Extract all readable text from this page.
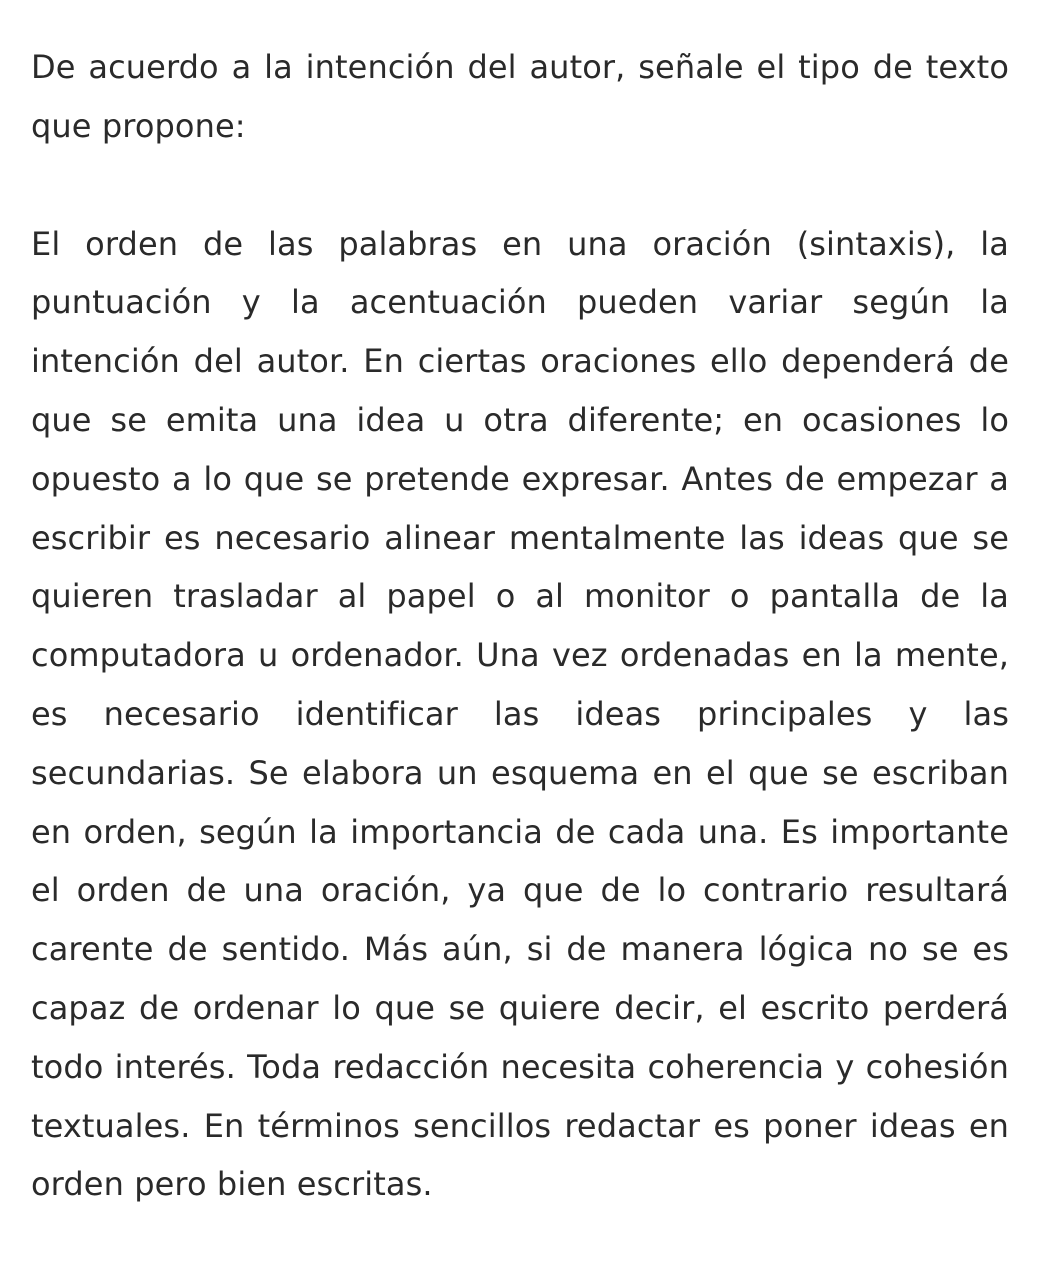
De acuerdo a la intención del autor, señale el tipo de texto que propone:

El orden de las palabras en una oración (sintaxis), la puntuación y la acentuación pueden variar según la intención del autor. En ciertas oraciones ello dependerá de que se emita una idea u otra diferente; en ocasiones lo opuesto a lo que se pretende expresar. Antes de empezar a escribir es necesario alinear mentalmente las ideas que se quieren trasladar al papel o al monitor o pantalla de la computadora u ordenador. Una vez ordenadas en la mente, es necesario identificar las ideas principales y las secundarias. Se elabora un esquema en el que se escriban en orden, según la importancia de cada una. Es importante el orden de una oración, ya que de lo contrario resultará carente de sentido. Más aún, si de manera lógica no se es capaz de ordenar lo que se quiere decir, el escrito perderá todo interés. Toda redacción necesita coherencia y cohesión textuales. En términos sencillos redactar es poner ideas en orden pero bien escritas.
